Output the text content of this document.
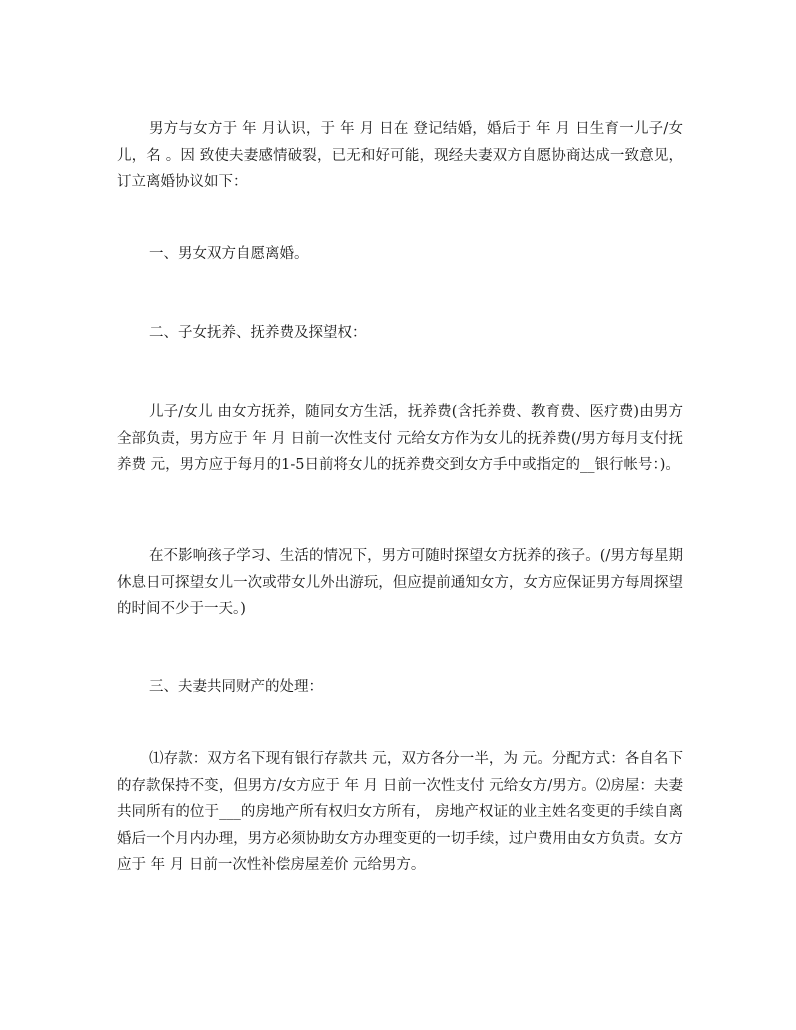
男方与女方于 年 月认识，于 年 月 日在 登记结婚，婚后于 年 月 日生育一儿子/女儿，名 。因 致使夫妻感情破裂，已无和好可能，现经夫妻双方自愿协商达成一致意见，订立离婚协议如下：

一、男女双方自愿离婚。

二、子女抚养、抚养费及探望权：

儿子/女儿 由女方抚养，随同女方生活，抚养费(含托养费、教育费、医疗费)由男方全部负责，男方应于 年 月 日前一次性支付 元给女方作为女儿的抚养费(/男方每月支付抚养费 元，男方应于每月的1-5日前将女儿的抚养费交到女方手中或指定的__银行帐号：)。

在不影响孩子学习、生活的情况下，男方可随时探望女方抚养的孩子。(/男方每星期休息日可探望女儿一次或带女儿外出游玩，但应提前通知女方，女方应保证男方每周探望的时间不少于一天。)

三、夫妻共同财产的处理：

⑴存款：双方名下现有银行存款共 元，双方各分一半，为 元。分配方式：各自名下的存款保持不变，但男方/女方应于 年 月 日前一次性支付 元给女方/男方。⑵房屋：夫妻共同所有的位于___的房地产所有权归女方所有， 房地产权证的业主姓名变更的手续自离婚后一个月内办理，男方必须协助女方办理变更的一切手续，过户费用由女方负责。女方应于 年 月 日前一次性补偿房屋差价 元给男方。
